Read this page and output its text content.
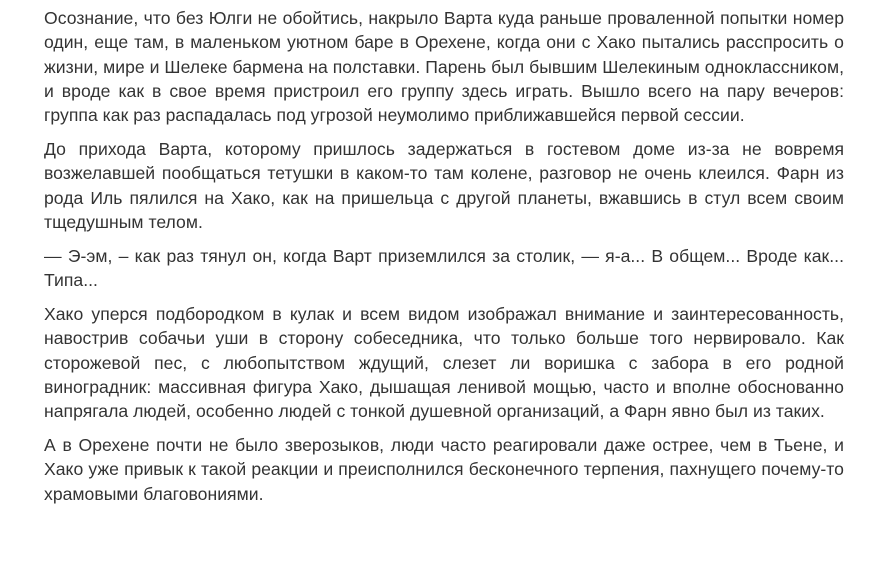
Осознание, что без Юлги не обойтись, накрыло Варта куда раньше проваленной попытки номер один, еще там, в маленьком уютном баре в Орехене, когда они с Хако пытались расспросить о жизни, мире и Шелеке бармена на полставки. Парень был бывшим Шелекиным одноклассником, и вроде как в свое время пристроил его группу здесь играть. Вышло всего на пару вечеров: группа как раз распадалась под угрозой неумолимо приближавшейся первой сессии.

До прихода Варта, которому пришлось задержаться в гостевом доме из-за не вовремя возжелавшей пообщаться тетушки в каком-то там колене, разговор не очень клеился. Фарн из рода Иль пялился на Хако, как на пришельца с другой планеты, вжавшись в стул всем своим тщедушным телом.

— Э-эм, – как раз тянул он, когда Варт приземлился за столик, — я-а... В общем... Вроде как... Типа...

Хако уперся подбородком в кулак и всем видом изображал внимание и заинтересованность, навострив собачьи уши в сторону собеседника, что только больше того нервировало. Как сторожевой пес, с любопытством ждущий, слезет ли воришка с забора в его родной виноградник: массивная фигура Хако, дышащая ленивой мощью, часто и вполне обоснованно напрягала людей, особенно людей с тонкой душевной организаций, а Фарн явно был из таких.

А в Орехене почти не было зверозыков, люди часто реагировали даже острее, чем в Тьене, и Хако уже привык к такой реакции и преисполнился бесконечного терпения, пахнущего почему-то храмовыми благовониями.
